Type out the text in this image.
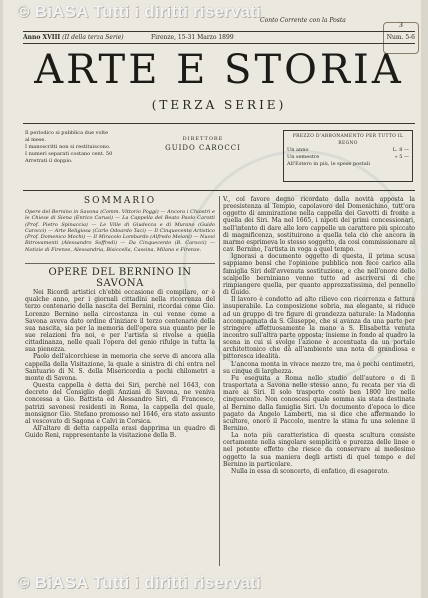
© BiASA Tutti i diritti riservati Conto Corrente con la Posta
3
Anno XVIII (II della terza Serie)	Firenze, 15-31 Marzo 1899	Num. 5-6
ARTE E STORIA
(TERZA SERIE)
Il periodico si pubblica due volte
al mese.
I manoscritti non si restituiscono.
I numeri separati costano cent. 50
Arretrati il doppio.
DIRETTORE
GUIDO CAROCCI
PREZZO D'ABBONAMENTO PER TUTTO IL REGNO
Un anno	L. 8 —
Un semestre	» 5 —
All'Estero in più, le spese postali
SOMMARIO
Opere del Bernino in Savona (Comm. Vittorio Poggi) — Ancora i Chiostri e le Chiese di Siena (Enrico Carusi) — La Cappella del Beato Paolo Carotti (Prof. Pietro Spinaccia) — Le Ville di Giudecca e di Murano (Guido Carocci) — Arte Religiosa (Carlo Odoardo Taci) — Il Cinquecento Artistico (Prof. Domenico Mochi) — Il Miracolo Lombardo (Alfredo Melani) — Nuovi Ritrovamenti (Alessandro Soffredi) — Da Cinquecento (B. Carocci) — Notizie di Firenze, Alessandria, Bisiccella, Cassina, Milano e Firenze.
OPERE DEL BERNINO IN SAVONA

Nei Ricordi artistici ch'ebbi occasione di compilare, or è qualche anno, per i giornali cittadini nella ricorrenza del terzo centenario della nascita del Bernini, ricordai come Gio. Lorenzo Bernino nella circostanza in cui venne come a Savona aveva dato ordine d'iniziare il terzo centenario della sua nascita, sia per la memoria dell'opera sua quanto per le sue relazioni fra noi, e per l'artista si rivolse a quella cittadinanza, nelle quali l'opera del genio rifulge in tutta la sua pienezza.

Paolo dell'alcorchiese in memoria che serve di ancora alla cappella della Visitazione, la quale a sinistra di chi entra nel Santuario di N. S. della Misericordia a pochi chilometri a monte di Savona.

Questa cappella è detta dei Siri, perchè nel 1643, con decreto del Consiglio degli Anziani di Savona, ne veniva concessa a Gio. Battista ed Alessandro Siri, di Francesco, patrizi savonesi residenti in Roma, la cappella del quale, monsignor Gio. Stefano promosso nel 1646, era stato assunto al vescovato di Sagona e Calvi in Corsica.

All'altare di detta cappella erasi dapprima un quadro di Guido Reni, rappresentante la visitazione della B.

V., col favore degno ricordato dalla novità apposta la preesistenza al Tempio, capolavoro del Domenichino, tutt'ora oggetto di ammirazione nella cappella dei Gavotti di fronte a quella dei Siri. Ma nel 1665, i nipoti dei primi concessionari, nell'intento di dare alle loro cappelle un carattere più spiccato di magnificenza, sostituirono a quella tela ciò che ancora in marmo esprimeva lo stesso soggetto, da così commissionare al cav. Bernino, l'artista in voga a quel tempo.

Ignorasi a documento oggetto di questa, il prima scusa sappiamo bensì che l'opinione pubblica non fece carico alla famiglia Siri dell'avvenuta sostituzione, e che nell'onore dello scalpello berniniano venne tutto ad ascriversi di che rimpiangere quella, per quanto apprezzatissima, del pennello di Guido.

Il lavoro è condotto ad alto rilievo con ricorrenza e fattura insuperabile. La composizione sobria, ma elegante, si riduce ad un gruppo di tre figure di grandezza naturale: la Madonna accompagnata da S. Giuseppe, che si avanza da una parte per stringere affettuosamente la mano a S. Elisabetta venuta incontro sull'altra parte opposta; insieme in fondo al quadro la scena in cui si svolge l'azione è accentuata da un portale architettonico che dà all'ambiente una nota di grandiosa e pittoresca idealità.

L'ancona monta in vivace mezzo tre, ma è pochi centimetri, su cinque di larghezza.

Fu eseguita a Roma nello studio dell'autore e di lì trasportata a Savona nello stesso anno, fu recata per via di mare ai Siri. Il solo trasporto costò ben 1800 lire nelle cinquecento. Non conoscesi quale somma sia stata destinata al Bernino dalla famiglia Siri. Un documento d'epoca lo dice pagato da Angelo Lamberti, ma si dice che affermando lo scultore, onorò il Paccolo, mentre la stima fu una solenne il Bernino.

La nota più caratteristica di questa scultura consiste certamente nella singolare semplicità e purezza delle linee e nel potente effetto che riesce da conservare al medesimo oggetto la sua maniera degli artisti di quel tempo e del Bernino in particolare.

Nulla in essa di sconcerto, di enfatico, di esagerato.

© BiASA Tutti i diritti riservati
